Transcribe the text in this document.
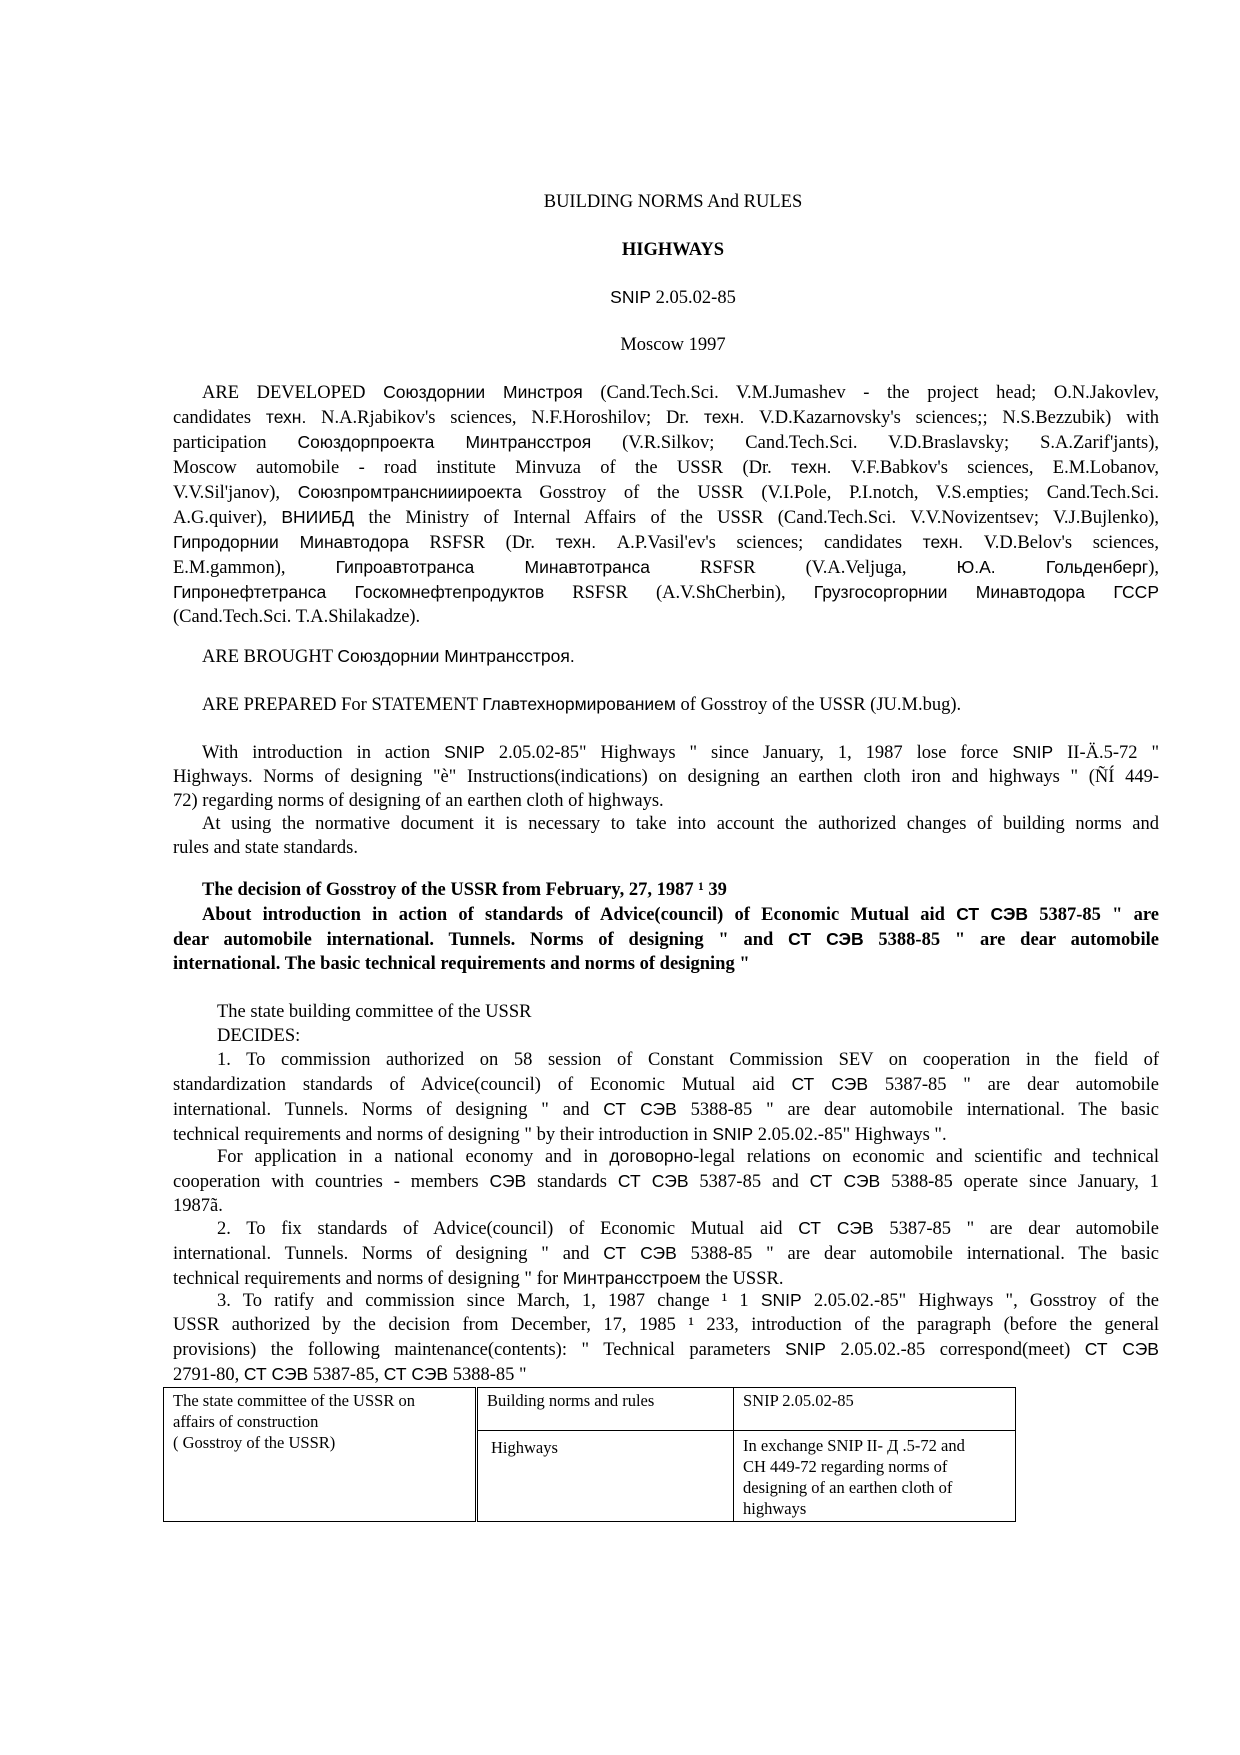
BUILDING NORMS And RULES
HIGHWAYS
SNIP 2.05.02-85
Moscow 1997
ARE DEVELOPED Союздорнии Минстроя (Cand.Tech.Sci. V.M.Jumashev - the project head; O.N.Jakovlev,
candidates техн. N.A.Rjabikov's sciences, N.F.Horoshilov; Dr. техн. V.D.Kazarnovsky's sciences;; N.S.Bezzubik) with
participation Союздорпроекта Минтрансстроя (V.R.Silkov; Cand.Tech.Sci. V.D.Braslavsky; S.A.Zarif'jants),
Moscow automobile - road institute Minvuza of the USSR (Dr. техн. V.F.Babkov's sciences, E.M.Lobanov,
V.V.Sil'janov), Союзпромтранснииироекта Gosstroy of the USSR (V.I.Pole, P.I.notch, V.S.empties; Cand.Tech.Sci.
A.G.quiver), ВНИИБД the Ministry of Internal Affairs of the USSR (Cand.Tech.Sci. V.V.Novizentsev; V.J.Bujlenko),
Гипродорнии Минавтодора RSFSR (Dr. техн. A.P.Vasil'ev's sciences; candidates техн. V.D.Belov's sciences,
E.M.gammon), Гипроавтотранса Минавтотранса RSFSR (V.A.Veljuga, Ю.А. Гольденберг),
Гипронефтетранса Госкомнефтепродуктов RSFSR (A.V.ShCherbin), Грузгосоргорнии Минавтодора ГССР
(Cand.Tech.Sci. T.A.Shilakadze).
ARE BROUGHT Союздорнии Минтрансстроя.
ARE PREPARED For STATEMENT Главтехнормированием of Gosstroy of the USSR (JU.M.bug).
With introduction in action SNIP 2.05.02-85" Highways " since January, 1, 1987 lose force SNIP II-Ä.5-72 "
Highways. Norms of designing "è" Instructions(indications) on designing an earthen cloth iron and highways " (ÑÍ 449-
72) regarding norms of designing of an earthen cloth of highways.
At using the normative document it is necessary to take into account the authorized changes of building norms and
rules and state standards.
The decision of Gosstroy of the USSR from February, 27, 1987 ¹ 39
About introduction in action of standards of Advice(council) of Economic Mutual aid СТ СЭВ 5387-85 " are
dear automobile international. Tunnels. Norms of designing " and СТ СЭВ 5388-85 " are dear automobile
international. The basic technical requirements and norms of designing "
The state building committee of the USSR
DECIDES:
1. To commission authorized on 58 session of Constant Commission SEV on cooperation in the field of
standardization standards of Advice(council) of Economic Mutual aid СТ СЭВ 5387-85 " are dear automobile
international. Tunnels. Norms of designing " and СТ СЭВ 5388-85 " are dear automobile international. The basic
technical requirements and norms of designing " by their introduction in SNIP 2.05.02.-85" Highways ".
For application in a national economy and in договорно-legal relations on economic and scientific and technical
cooperation with countries - members СЭВ standards СТ СЭВ 5387-85 and СТ СЭВ 5388-85 operate since January, 1
1987ã.
2. To fix standards of Advice(council) of Economic Mutual aid СТ СЭВ 5387-85 " are dear automobile
international. Tunnels. Norms of designing " and СТ СЭВ 5388-85 " are dear automobile international. The basic
technical requirements and norms of designing " for Минтрансстроем the USSR.
3. To ratify and commission since March, 1, 1987 change ¹ 1 SNIP 2.05.02.-85" Highways ", Gosstroy of the
USSR authorized by the decision from December, 17, 1985 ¹ 233, introduction of the paragraph (before the general
provisions) the following maintenance(contents): " Technical parameters SNIP 2.05.02.-85 correspond(meet) СТ СЭВ
2791-80, СТ СЭВ 5387-85, СТ СЭВ 5388-85 "
The state committee of the USSR on
affairs of construction
( Gosstroy of the USSR)	Building norms and rules	SNIP 2.05.02-85
	Highways	In exchange SNIP II- Д .5-72 and
CH 449-72 regarding norms of
designing of an earthen cloth of
highways
